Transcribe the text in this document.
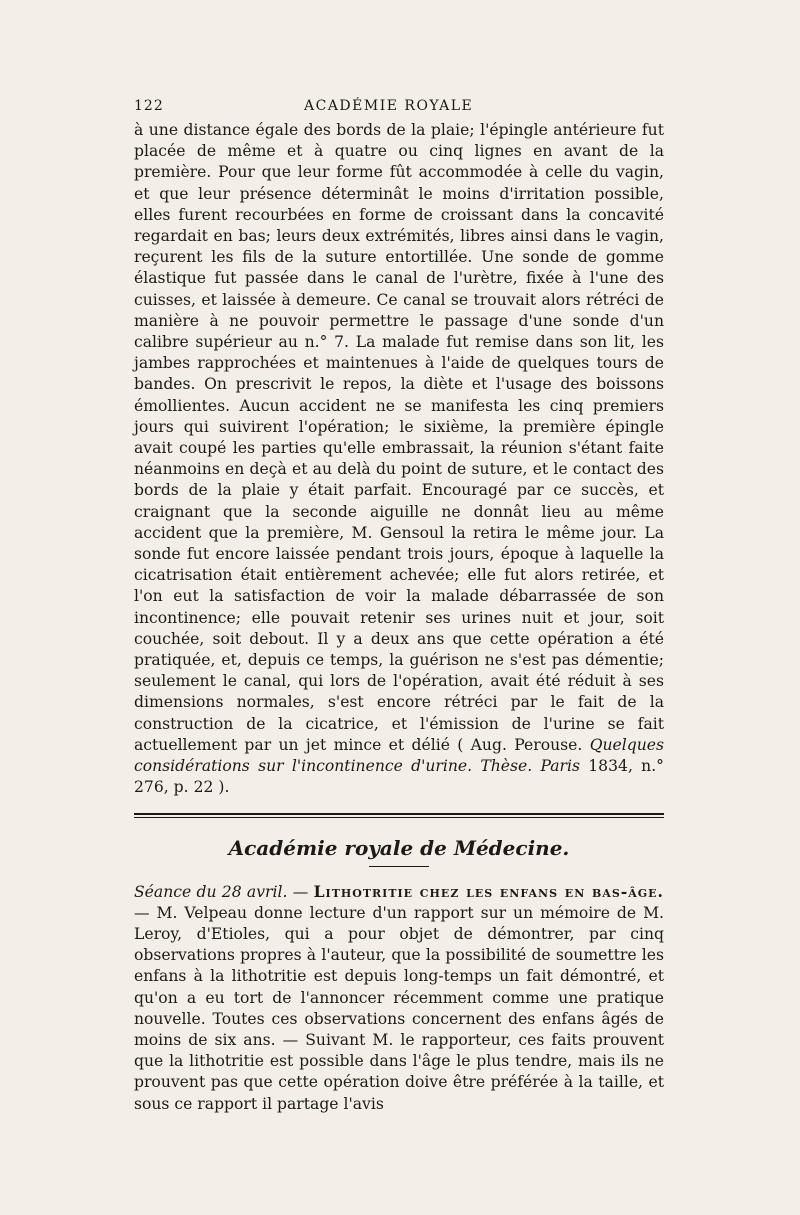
122	ACADÉMIE ROYALE

à une distance égale des bords de la plaie; l'épingle antérieure fut placée de même et à quatre ou cinq lignes en avant de la première. Pour que leur forme fût accommodée à celle du vagin, et que leur présence déterminât le moins d'irritation possible, elles furent recourbées en forme de croissant dans la concavité regardait en bas; leurs deux extrémités, libres ainsi dans le vagin, reçurent les fils de la suture entortillée. Une sonde de gomme élastique fut passée dans le canal de l'urètre, fixée à l'une des cuisses, et laissée à demeure. Ce canal se trouvait alors rétréci de manière à ne pouvoir permettre le passage d'une sonde d'un calibre supérieur au n.° 7. La malade fut remise dans son lit, les jambes rapprochées et maintenues à l'aide de quelques tours de bandes. On prescrivit le repos, la diète et l'usage des boissons émollientes. Aucun accident ne se manifesta les cinq premiers jours qui suivirent l'opération; le sixième, la première épingle avait coupé les parties qu'elle embrassait, la réunion s'étant faite néanmoins en deçà et au delà du point de suture, et le contact des bords de la plaie y était parfait. Encouragé par ce succès, et craignant que la seconde aiguille ne donnât lieu au même accident que la première, M. Gensoul la retira le même jour. La sonde fut encore laissée pendant trois jours, époque à laquelle la cicatrisation était entièrement achevée; elle fut alors retirée, et l'on eut la satisfaction de voir la malade débarrassée de son incontinence; elle pouvait retenir ses urines nuit et jour, soit couchée, soit debout. Il y a deux ans que cette opération a été pratiquée, et, depuis ce temps, la guérison ne s'est pas démentie; seulement le canal, qui lors de l'opération, avait été réduit à ses dimensions normales, s'est encore rétréci par le fait de la construction de la cicatrice, et l'émission de l'urine se fait actuellement par un jet mince et délié ( Aug. Perouse. Quelques considérations sur l'incontinence d'urine. Thèse. Paris 1834, n.° 276, p. 22 ).

Académie royale de Médecine.

Séance du 28 avril. — Lithotritie chez les enfans en bas-âge. — M. Velpeau donne lecture d'un rapport sur un mémoire de M. Leroy, d'Etioles, qui a pour objet de démontrer, par cinq observations propres à l'auteur, que la possibilité de soumettre les enfans à la lithotritie est depuis long-temps un fait démontré, et qu'on a eu tort de l'annoncer récemment comme une pratique nouvelle. Toutes ces observations concernent des enfans âgés de moins de six ans. — Suivant M. le rapporteur, ces faits prouvent que la lithotritie est possible dans l'âge le plus tendre, mais ils ne prouvent pas que cette opération doive être préférée à la taille, et sous ce rapport il partage l'avis
